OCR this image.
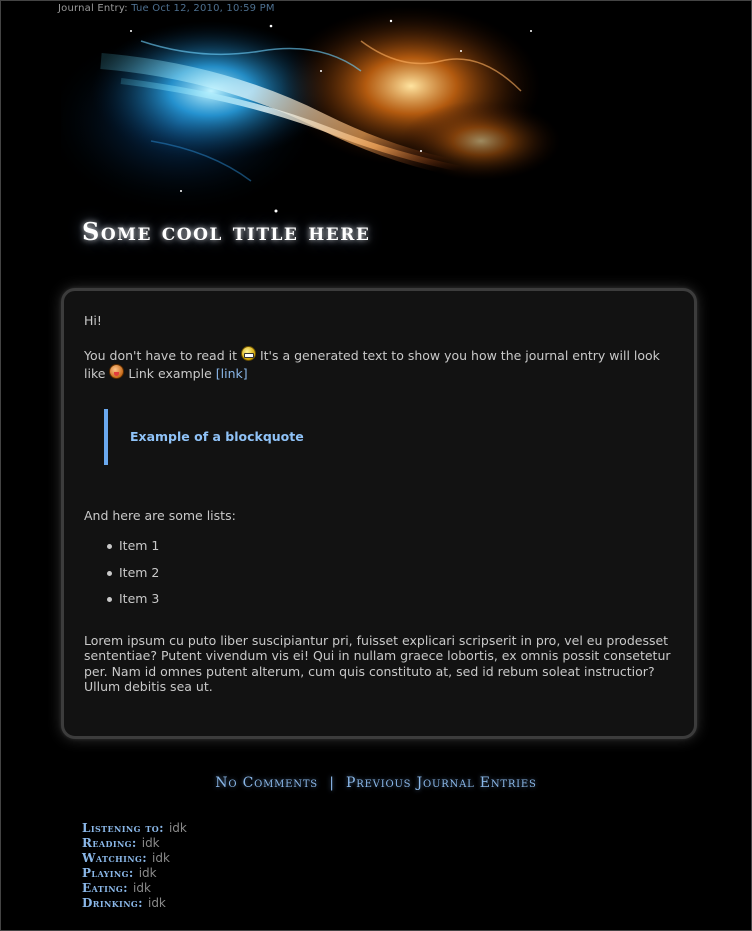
Journal Entry: Tue Oct 12, 2010, 10:59 PM
Some cool title here

Hi!

You don't have to read it It's a generated text to show you how the journal entry will look like Link example [link]

Example of a blockquote

And here are some lists:

Item 1
Item 2
Item 3

Lorem ipsum cu puto liber suscipiantur pri, fuisset explicari scripserit in pro, vel eu prodesset sententiae? Putent vivendum vis ei! Qui in nullam graece lobortis, ex omnis possit consetetur per. Nam id omnes putent alterum, cum quis constituto at, sed id rebum soleat instructior? Ullum debitis sea ut.

No Comments | Previous Journal Entries
Listening to: idk
Reading: idk
Watching: idk
Playing: idk
Eating: idk
Drinking: idk
